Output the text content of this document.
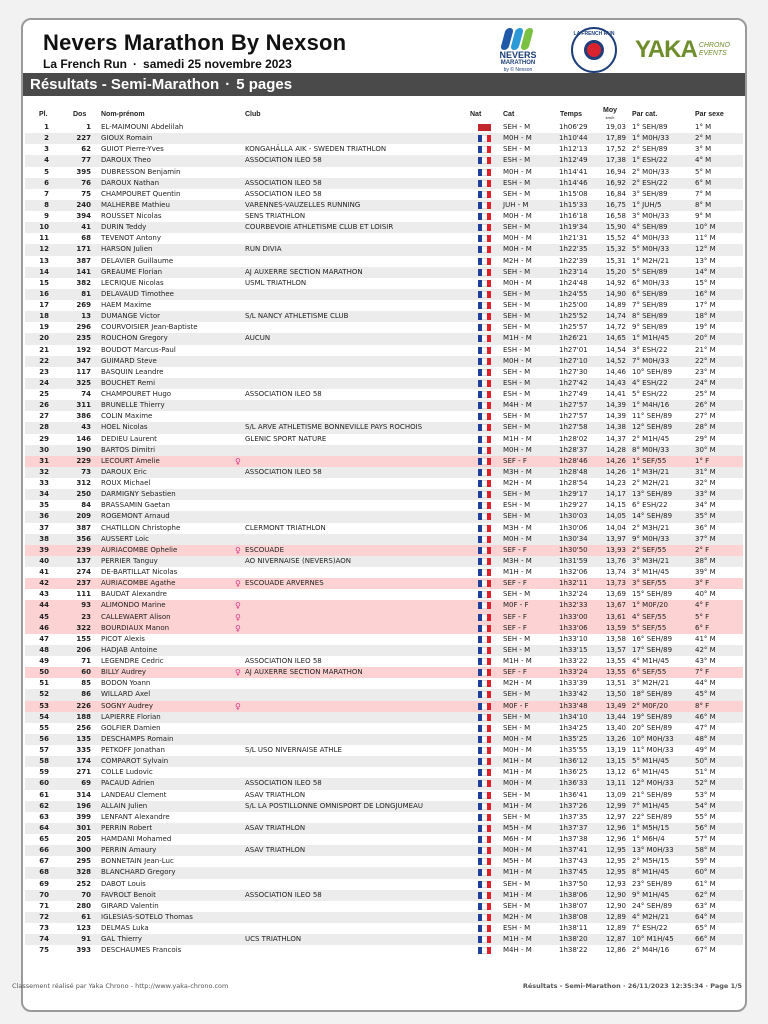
Nevers Marathon By Nexson
La French Run · samedi 25 novembre 2023
NEVERS
MARATHON
by © Nexson
LA FRENCH RUN
YAKA CHRONO
EVENTS
Résultats - Semi-Marathon · 5 pages
Pl.	Dos Nom-prénom	Club	Nat	Cat	Temps
Moy
km/h	Par cat.	Par sexe
1	1 EL-MAIMOUNI Abdelilah	SEH - M	1h06'29	19,03 1° SEH/89	1° M
2	227 GIOUX Romain	M0H - M	1h10'44	17,89 1° M0H/33	2° M
3	62 GUIOT Pierre-Yves	KONGAHÄLLA AIK - SWEDEN TRIATHLON	SEH - M	1h12'13	17,52 2° SEH/89	3° M
4	77 DAROUX Theo	ASSOCIATION ILEO 58	ESH - M	1h12'49	17,38 1° ESH/22	4° M
5	395 DUBRESSON Benjamin	M0H - M	1h14'41	16,94 2° M0H/33	5° M
6	76 DAROUX Nathan	ASSOCIATION ILEO 58	ESH - M	1h14'46	16,92 2° ESH/22	6° M
7	75 CHAMPOURET Quentin	ASSOCIATION ILEO 58	SEH - M	1h15'08	16,84 3° SEH/89	7° M
8	240 MALHERBE Mathieu	VARENNES-VAUZELLES RUNNING	JUH - M	1h15'33	16,75 1° JUH/5	8° M
9	394 ROUSSET Nicolas	SENS TRIATHLON	M0H - M	1h16'18	16,58 3° M0H/33	9° M
10	41 DURIN Teddy	COURBEVOIE ATHLETISME CLUB ET LOISIR	SEH - M	1h19'34	15,90 4° SEH/89	10° M
11	68 TEVENOT Antony	M0H - M	1h21'31	15,52 4° M0H/33	11° M
12	171 HARSON Julien	RUN DIVIA	M0H - M	1h22'35	15,32 5° M0H/33	12° M
13	387 DELAVIER Guillaume	M2H - M	1h22'39	15,31 1° M2H/21	13° M
14	141 GREAUME Florian	AJ AUXERRE SECTION MARATHON	SEH - M	1h23'14	15,20 5° SEH/89	14° M
15	382 LECRIQUE Nicolas	USML TRIATHLON	M0H - M	1h24'48	14,92 6° M0H/33	15° M
16	81 DELAVAUD Timothee	SEH - M	1h24'55	14,90 6° SEH/89	16° M
17	269 HAEM Maxime	SEH - M	1h25'00	14,89 7° SEH/89	17° M
18	13 DUMANGE Victor	S/L NANCY ATHLETISME CLUB	SEH - M	1h25'52	14,74 8° SEH/89	18° M
19	296 COURVOISIER Jean-Baptiste	SEH - M	1h25'57	14,72 9° SEH/89	19° M
20	235 ROUCHON Gregory	AUCUN	M1H - M	1h26'21	14,65 1° M1H/45	20° M
21	192 BOUDOT Marcus-Paul	ESH - M	1h27'01	14,54 3° ESH/22	21° M
22	347 GUIMARD Steve	M0H - M	1h27'10	14,52 7° M0H/33	22° M
23	117 BASQUIN Leandre	SEH - M	1h27'30	14,46 10° SEH/89	23° M
24	325 BOUCHET Remi	ESH - M	1h27'42	14,43 4° ESH/22	24° M
25	74 CHAMPOURET Hugo	ASSOCIATION ILEO 58	ESH - M	1h27'49	14,41 5° ESH/22	25° M
26	311 BRUNELLE Thierry	M4H - M	1h27'57	14,39 1° M4H/16	26° M
27	386 COLIN Maxime	SEH - M	1h27'57	14,39 11° SEH/89	27° M
28	43 HOEL Nicolas	S/L ARVE ATHLETISME BONNEVILLE PAYS ROCHOIS	SEH - M	1h27'58	14,38 12° SEH/89	28° M
29	146 DEDIEU Laurent	GLENIC SPORT NATURE	M1H - M	1h28'02	14,37 2° M1H/45	29° M
30	190 BARTOS Dimitri	M0H - M	1h28'37	14,28 8° M0H/33	30° M
31	229 LECOURT Amelie	SEF - F	1h28'46	14,26 1° SEF/55	1° F
♀
32	73 DAROUX Eric	ASSOCIATION ILEO 58	M3H - M	1h28'48	14,26 1° M3H/21	31° M
33	312 ROUX Michael	M2H - M	1h28'54	14,23 2° M2H/21	32° M
34	250 DARMIGNY Sebastien	SEH - M	1h29'17	14,17 13° SEH/89	33° M
35	84 BRASSAMIN Gaetan	ESH - M	1h29'27	14,15 6° ESH/22	34° M
36	209 ROGEMONT Arnaud	SEH - M	1h30'03	14,05 14° SEH/89	35° M
37	387 CHATILLON Christophe	CLERMONT TRIATHLON	M3H - M	1h30'06	14,04 2° M3H/21	36° M
38	356 AUSSERT Loic	M0H - M	1h30'34	13,97 9° M0H/33	37° M
39	239 AURIACOMBE Ophelie	ESCOUADE	SEF - F	1h30'50	13,93 2° SEF/55	2° F
♀
40	137 PERRIER Tanguy	AO NIVERNAISE (NEVERS)AON	M3H - M	1h31'59	13,76 3° M3H/21	38° M
41	274 DE-BARTILLAT Nicolas	M1H - M	1h32'06	13,74 3° M1H/45	39° M
42	237 AURIACOMBE Agathe	ESCOUADE ARVERNES	SEF - F	1h32'11	13,73 3° SEF/55	3° F
♀
43	111 BAUDAT Alexandre	SEH - M	1h32'24	13,69 15° SEH/89	40° M
44	93 ALIMONDO Marine	M0F - F	1h32'33	13,67 1° M0F/20	4° F
♀
45	23 CALLEWAERT Alison	SEF - F	1h33'00	13,61 4° SEF/55	5° F
♀
46	322 BOURDIAUX Manon	SEF - F	1h33'06	13,59 5° SEF/55	6° F
♀
47	155 PICOT Alexis	SEH - M	1h33'10	13,58 16° SEH/89	41° M
48	206 HADJAB Antoine	SEH - M	1h33'15	13,57 17° SEH/89	42° M
49	71 LEGENDRE Cedric	ASSOCIATION ILEO 58	M1H - M	1h33'22	13,55 4° M1H/45	43° M
50	60 BILLY Audrey	AJ AUXERRE SECTION MARATHON	SEF - F	1h33'24	13,55 6° SEF/55	7° F
♀
51	85 BODON Yoann	M2H - M	1h33'39	13,51 3° M2H/21	44° M
52	86 WILLARD Axel	SEH - M	1h33'42	13,50 18° SEH/89	45° M
53	226 SOGNY Audrey	M0F - F	1h33'48	13,49 2° M0F/20	8° F
♀
54	188 LAPIERRE Florian	SEH - M	1h34'10	13,44 19° SEH/89	46° M
55	256 GOLFIER Damien	SEH - M	1h34'25	13,40 20° SEH/89	47° M
56	135 DESCHAMPS Romain	M0H - M	1h35'25	13,26 10° M0H/33	48° M
57	335 PETKOFF Jonathan	S/L USO NIVERNAISE ATHLE	M0H - M	1h35'55	13,19 11° M0H/33	49° M
58	174 COMPAROT Sylvain	M1H - M	1h36'12	13,15 5° M1H/45	50° M
59	271 COLLE Ludovic	M1H - M	1h36'25	13,12 6° M1H/45	51° M
60	69 PACAUD Adrien	ASSOCIATION ILEO 58	M0H - M	1h36'33	13,11 12° M0H/33	52° M
61	314 LANDEAU Clement	ASAV TRIATHLON	SEH - M	1h36'41	13,09 21° SEH/89	53° M
62	196 ALLAIN Julien	S/L LA POSTILLONNE OMNISPORT DE LONGJUMEAU	M1H - M	1h37'26	12,99 7° M1H/45	54° M
63	399 LENFANT Alexandre	SEH - M	1h37'35	12,97 22° SEH/89	55° M
64	301 PERRIN Robert	ASAV TRIATHLON	M5H - M	1h37'37	12,96 1° M5H/15	56° M
65	205 HAMDANI Mohamed	M6H - M	1h37'38	12,96 1° M6H/4	57° M
66	300 PERRIN Amaury	ASAV TRIATHLON	M0H - M	1h37'41	12,95 13° M0H/33	58° M
67	295 BONNETAIN Jean-Luc	M5H - M	1h37'43	12,95 2° M5H/15	59° M
68	328 BLANCHARD Gregory	M1H - M	1h37'45	12,95 8° M1H/45	60° M
69	252 DABOT Louis	SEH - M	1h37'50	12,93 23° SEH/89	61° M
70	70 FAVROLT Benoit	ASSOCIATION ILEO 58	M1H - M	1h38'06	12,90 9° M1H/45	62° M
71	280 GIRARD Valentin	SEH - M	1h38'07	12,90 24° SEH/89	63° M
72	61 IGLESIAS-SOTELO Thomas	M2H - M	1h38'08	12,89 4° M2H/21	64° M
73	123 DELMAS Luka	ESH - M	1h38'11	12,89 7° ESH/22	65° M
74	91 GAL Thierry	UCS TRIATHLON	M1H - M	1h38'20	12,87 10° M1H/45	66° M
75	393 DESCHAUMES Francois	M4H - M	1h38'22	12,86 2° M4H/16	67° M
Classement réalisé par Yaka Chrono - http://www.yaka-chrono.com	Résultats - Semi-Marathon · 26/11/2023 12:35:34 · Page 1/5
